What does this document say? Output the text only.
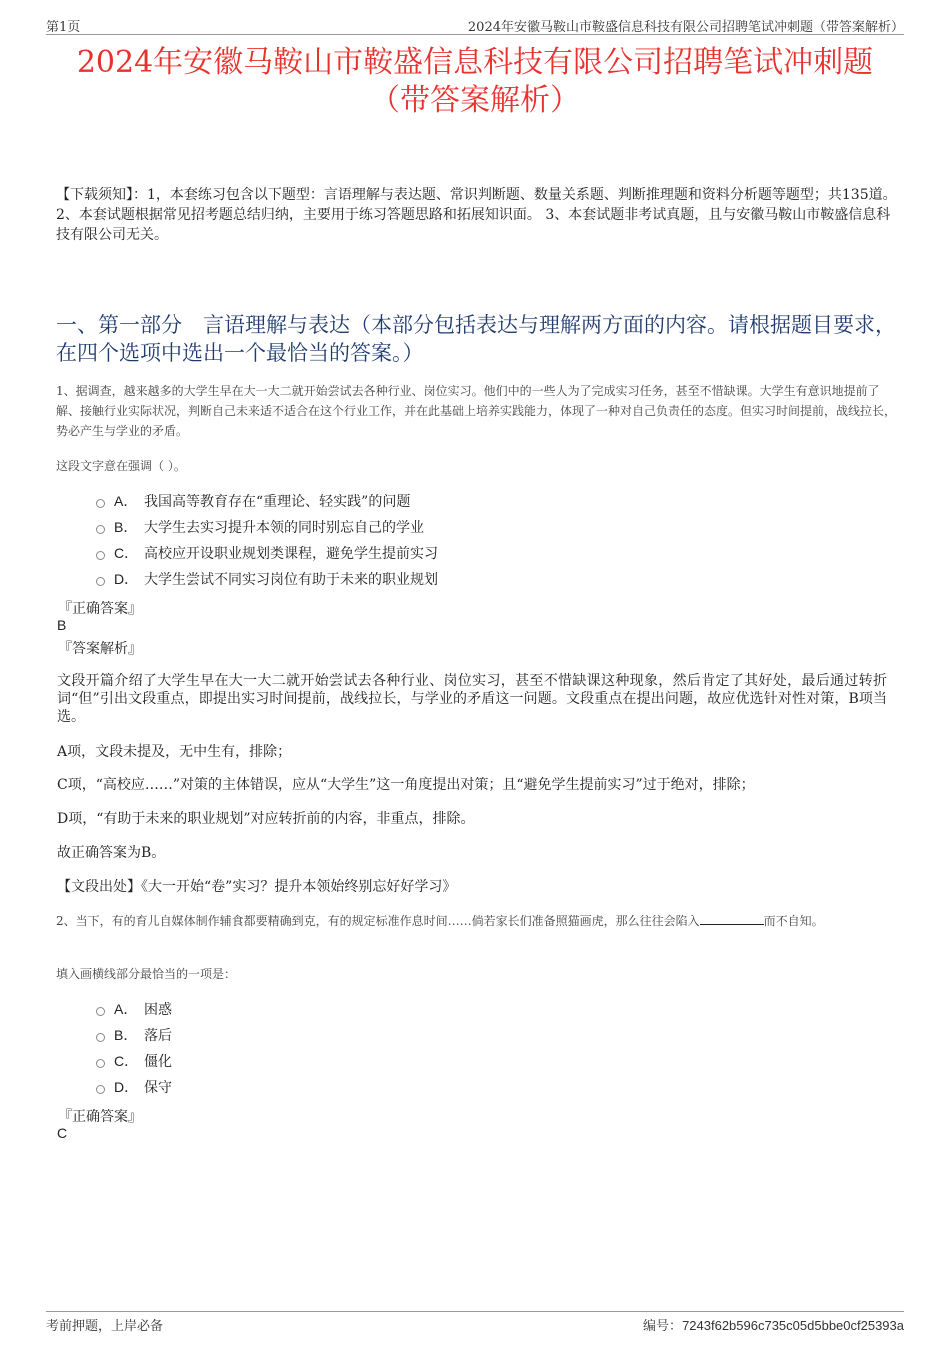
第1页	2024年安徽马鞍山市鞍盛信息科技有限公司招聘笔试冲刺题（带答案解析）
2024年安徽马鞍山市鞍盛信息科技有限公司招聘笔试冲刺题
（带答案解析）
【下载须知】：1，本套练习包含以下题型：言语理解与表达题、常识判断题、数量关系题、判断推理题和资料分析题等题型；共135道。 2、本套试题根据常见招考题总结归纳，主要用于练习答题思路和拓展知识面。 3、本套试题非考试真题，且与安徽马鞍山市鞍盛信息科技有限公司无关。
一、第一部分　言语理解与表达（本部分包括表达与理解两方面的内容。请根据题目要求，在四个选项中选出一个最恰当的答案。）
1、据调查，越来越多的大学生早在大一大二就开始尝试去各种行业、岗位实习。他们中的一些人为了完成实习任务，甚至不惜缺课。大学生有意识地提前了解、接触行业实际状况，判断自己未来适不适合在这个行业工作，并在此基础上培养实践能力，体现了一种对自己负责任的态度。但实习时间提前，战线拉长，势必产生与学业的矛盾。
这段文字意在强调（ ）。
A． 我国高等教育存在“重理论、轻实践”的问题
B． 大学生去实习提升本领的同时别忘自己的学业
C． 高校应开设职业规划类课程，避免学生提前实习
D． 大学生尝试不同实习岗位有助于未来的职业规划
『正确答案』
B
『答案解析』
文段开篇介绍了大学生早在大一大二就开始尝试去各种行业、岗位实习，甚至不惜缺课这种现象，然后肯定了其好处，最后通过转折词“但”引出文段重点，即提出实习时间提前，战线拉长，与学业的矛盾这一问题。文段重点在提出问题，故应优选针对性对策，B项当选。
A项，文段未提及，无中生有，排除；
C项，“高校应……”对策的主体错误，应从“大学生”这一角度提出对策；且“避免学生提前实习”过于绝对，排除；
D项，“有助于未来的职业规划”对应转折前的内容，非重点，排除。
故正确答案为B。
【文段出处】《大一开始“卷”实习？提升本领始终别忘好好学习》
2、当下，有的育儿自媒体制作辅食都要精确到克，有的规定标准作息时间……倘若家长们准备照猫画虎，那么往往会陷入	而不自知。
填入画横线部分最恰当的一项是：
A． 困惑
B． 落后
C． 僵化
D． 保守
『正确答案』
C
考前押题，上岸必备	编号：7243f62b596c735c05d5bbe0cf25393a
